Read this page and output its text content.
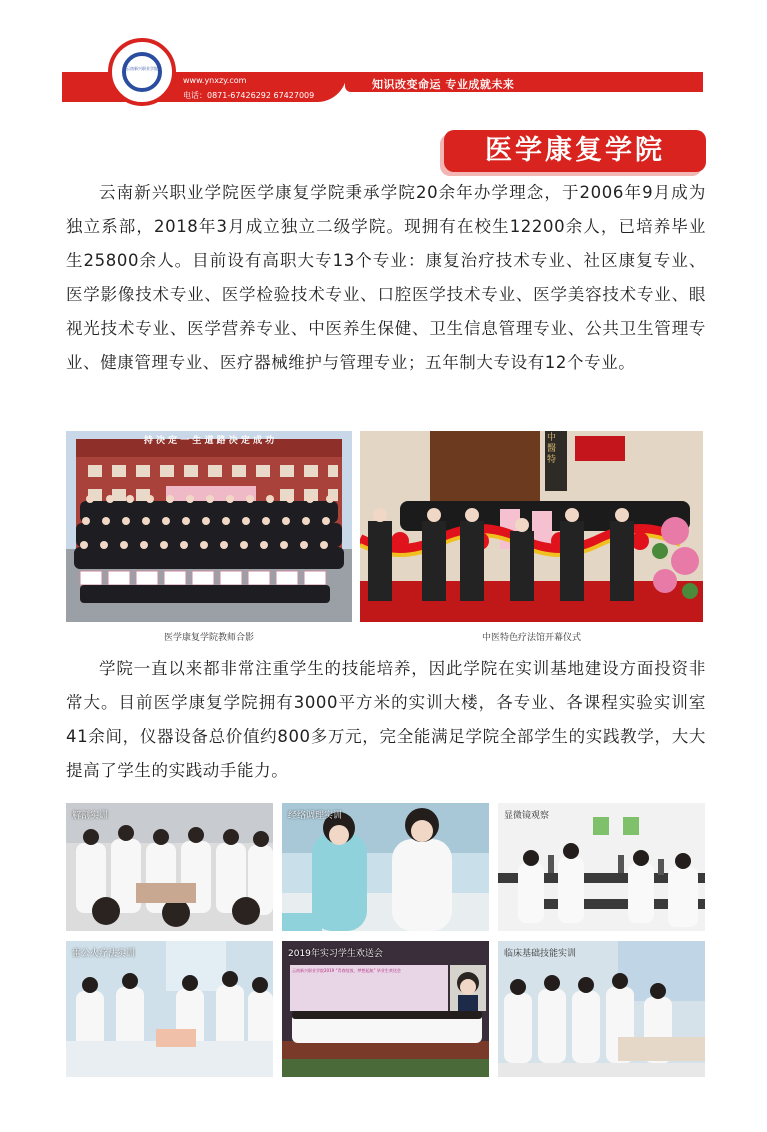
云南新兴职业学院
www.ynxzy.com
电话：0871-67426292 67427009
知识改变命运 专业成就未来
医学康复学院

云南新兴职业学院医学康复学院秉承学院20余年办学理念，于2006年9月成为独立系部，2018年3月成立独立二级学院。现拥有在校生12200余人，已培养毕业生25800余人。目前设有高职大专13个专业：康复治疗技术专业、社区康复专业、医学影像技术专业、医学检验技术专业、口腔医学技术专业、医学美容技术专业、眼视光技术专业、医学营养专业、中医养生保健、卫生信息管理专业、公共卫生管理专业、健康管理专业、医疗器械维护与管理专业；五年制大专设有12个专业。

持 决 定 一 生 道 路 决 定 成 功
医学康复学院教师合影
中醫特
中医特色疗法馆开幕仪式

学院一直以来都非常注重学生的技能培养，因此学院在实训基地建设方面投资非常大。目前医学康复学院拥有3000平方米的实训大楼，各专业、各课程实验实训室41余间，仪器设备总价值约800多万元，完全能满足学院全部学生的实践教学，大大提高了学生的实践动手能力。

解剖实训	经络调理实训	显微镜观察
雷公火疗法实训	2019年实习学生欢送会
云南新兴职业学院2019 “青春绽放，梦想起航” 毕业生欢送会
临床基础技能实训
